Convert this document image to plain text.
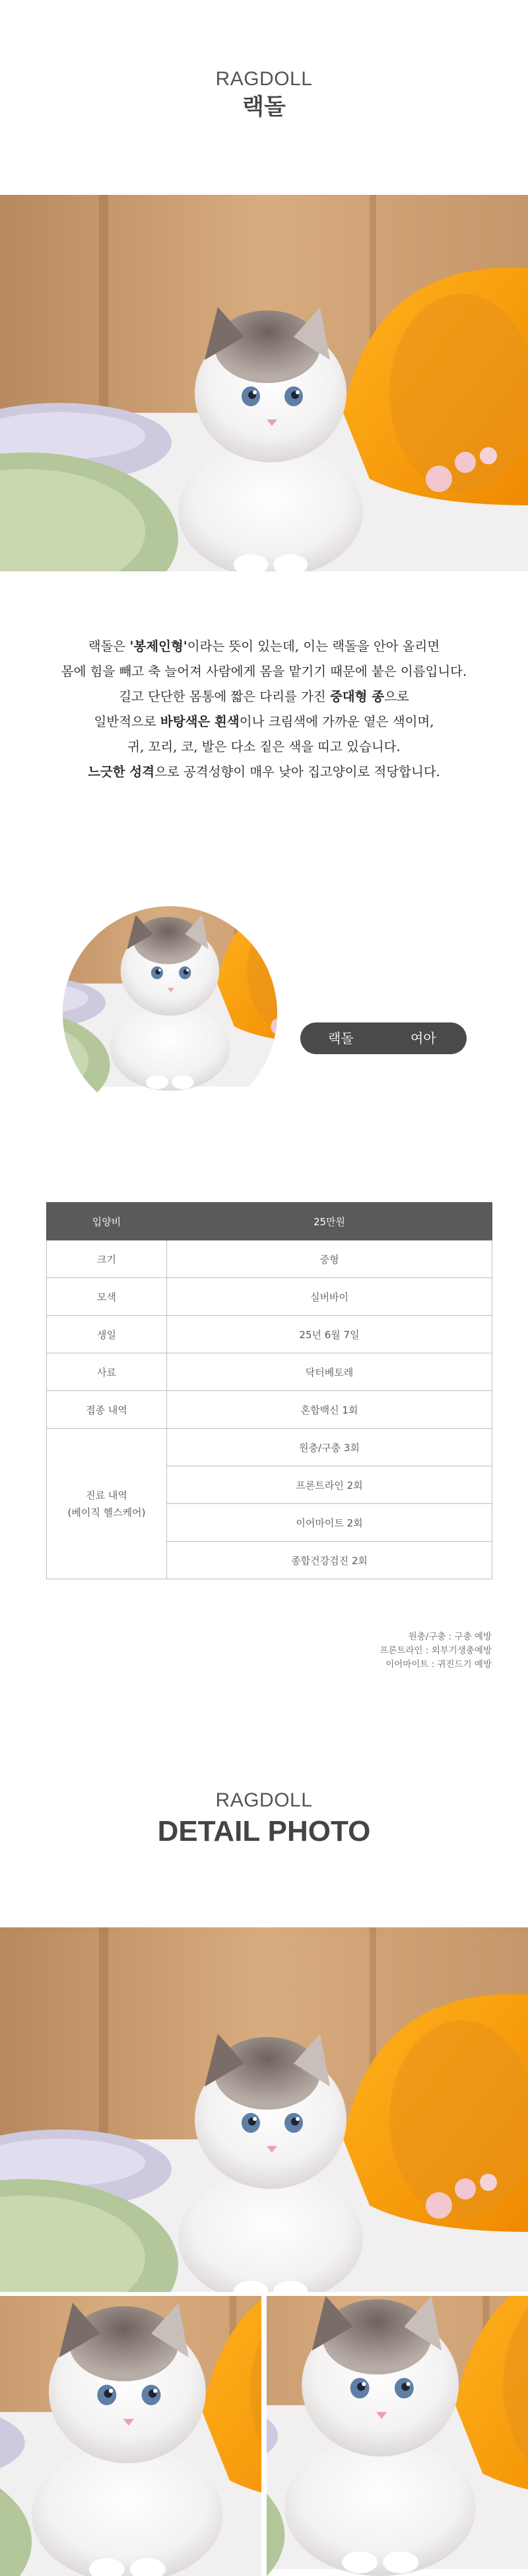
RAGDOLL
랙돌
랙돌은 '봉제인형'이라는 뜻이 있는데, 이는 랙돌을 안아 올리면
몸에 힘을 빼고 축 늘어져 사람에게 몸을 맡기기 때문에 붙은 이름입니다.
길고 단단한 몸통에 짧은 다리를 가진 중대형 종으로
일반적으로 바탕색은 흰색이나 크림색에 가까운 옅은 색이며,
귀, 꼬리, 코, 발은 다소 짙은 색을 띠고 있습니다.
느긋한 성격으로 공격성향이 매우 낮아 집고양이로 적당합니다.
랙돌	여아
입양비	25만원
크기	중형
모색	실버바이
생일	25년 6월 7일
사료	닥터베토레
접종 내역	혼합백신 1회

진료 내역
(베이직 헬스케어)	원충/구충 3회
	프론트라인 2회
	이어마이트 2회
	종합건강검진 2회
원충/구충 : 구충 예방
프론트라인 : 외부기생충예방
이어마이트 : 귀진드기 예방
RAGDOLL
DETAIL PHOTO
